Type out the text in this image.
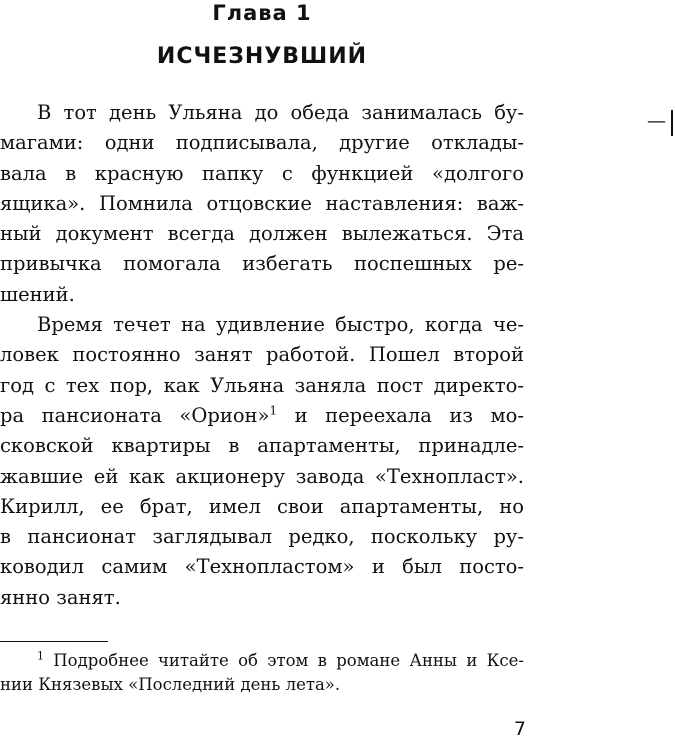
Глава 1
ИСЧЕЗНУВШИЙ
В тот день Ульяна до обеда занималась бу-
магами: одни подписывала, другие отклады-
вала в красную папку с функцией «долгого
ящика». Помнила отцовские наставления: важ-
ный документ всегда должен вылежаться. Эта
привычка помогала избегать поспешных ре-
шений.
Время течет на удивление быстро, когда че-
ловек постоянно занят работой. Пошел второй
год с тех пор, как Ульяна заняла пост директо-
ра пансионата «Орион»$^1$ и переехала из мо-
сковской квартиры в апартаменты, принадле-
жавшие ей как акционеру завода «Технопласт».
Кирилл, ее брат, имел свои апартаменты, но
в пансионат заглядывал редко, поскольку ру-
ководил самим «Технопластом» и был посто-
янно занят.
—
$^1$ Подробнее читайте об этом в романе Анны и Ксе-
нии Князевых «Последний день лета».
7
